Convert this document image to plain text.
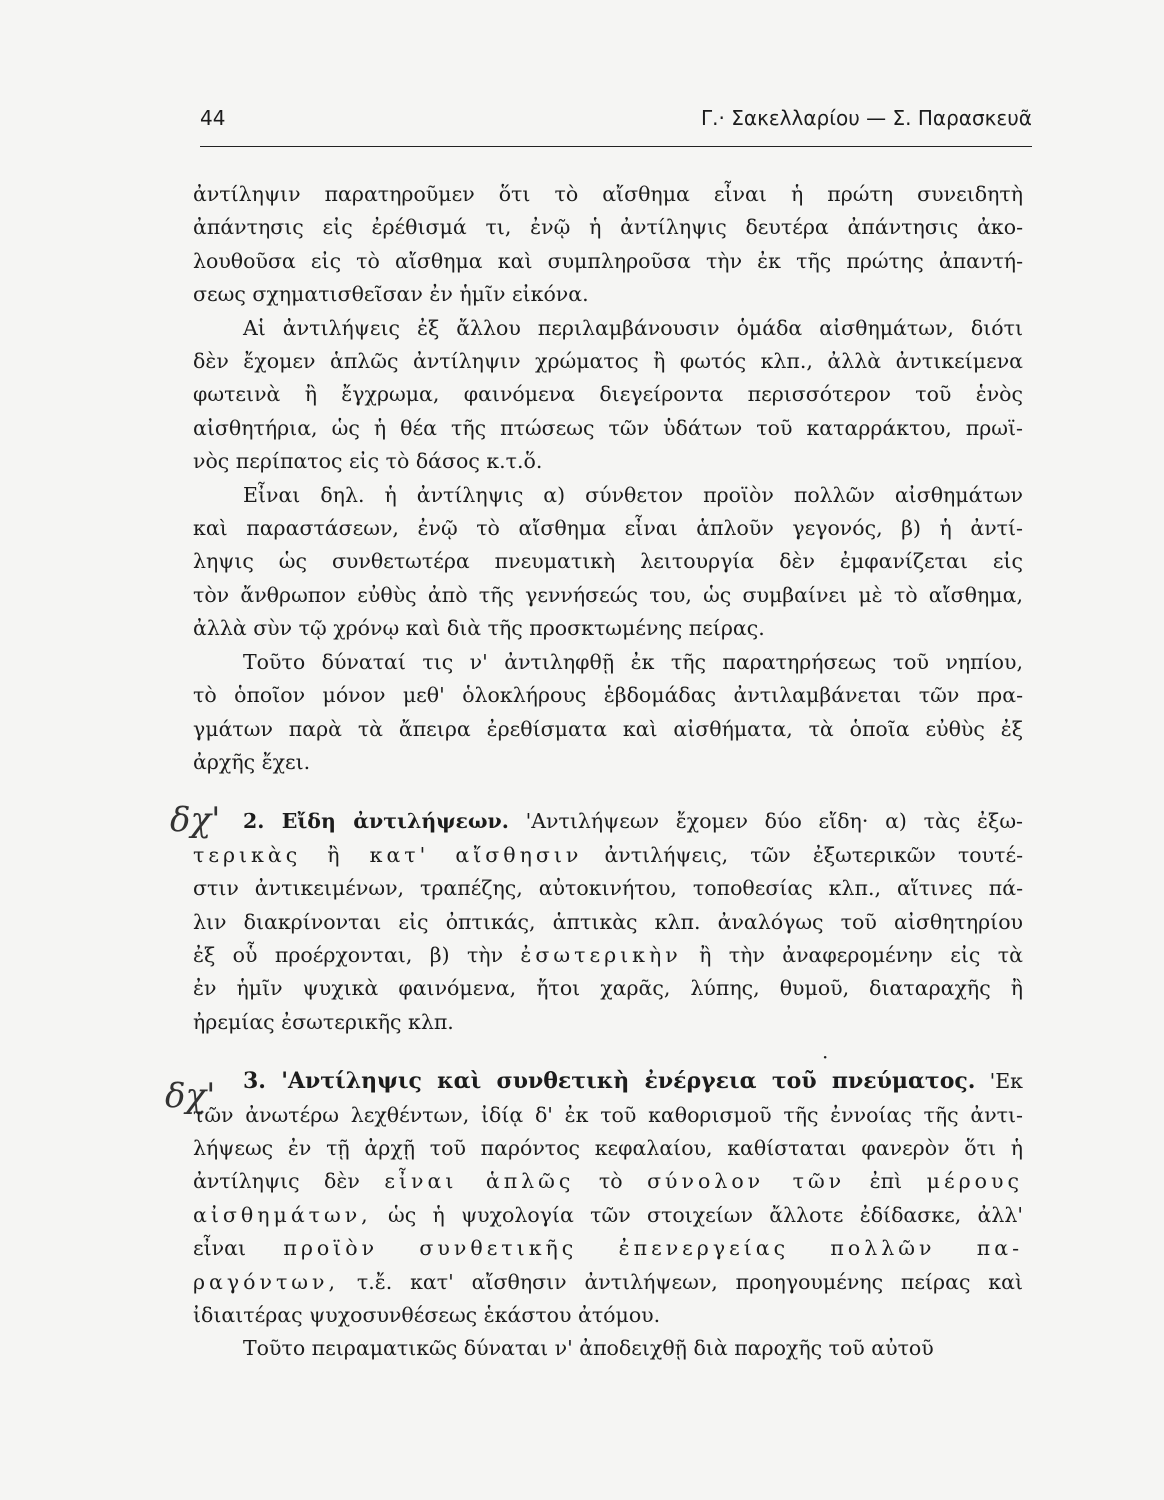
44	Γ.· Σακελλαρίου — Σ. Παρασκευᾶ
δχ'
δχ'
ἀντίληψιν παρατηροῦμεν ὅτι τὸ αἴσθημα εἶναι ἡ πρώτη συνειδητὴ
ἀπάντησις εἰς ἐρέθισμά τι, ἐνῷ ἡ ἀντίληψις δευτέρα ἀπάντησις ἀκο-
λουθοῦσα εἰς τὸ αἴσθημα καὶ συμπληροῦσα τὴν ἐκ τῆς πρώτης ἀπαντή-
σεως σχηματισθεῖσαν ἐν ἡμῖν εἰκόνα.
Αἱ ἀντιλήψεις ἐξ ἄλλου περιλαμβάνουσιν ὁμάδα αἰσθημάτων, διότι
δὲν ἔχομεν ἁπλῶς ἀντίληψιν χρώματος ἢ φωτός κλπ., ἀλλὰ ἀντικείμενα
φωτεινὰ ἢ ἔγχρωμα, φαινόμενα διεγείροντα περισσότερον τοῦ ἑνὸς
αἰσθητήρια, ὡς ἡ θέα τῆς πτώσεως τῶν ὑδάτων τοῦ καταρράκτου, πρωϊ-
νὸς περίπατος εἰς τὸ δάσος κ.τ.ὅ.
Εἶναι δηλ. ἡ ἀντίληψις α) σύνθετον προϊὸν πολλῶν αἰσθημάτων
καὶ παραστάσεων, ἐνῷ τὸ αἴσθημα εἶναι ἁπλοῦν γεγονός, β) ἡ ἀντί-
ληψις ὡς συνθετωτέρα πνευματικὴ λειτουργία δὲν ἐμφανίζεται εἰς
τὸν ἄνθρωπον εὐθὺς ἀπὸ τῆς γεννήσεώς του, ὡς συμβαίνει μὲ τὸ αἴσθημα,
ἀλλὰ σὺν τῷ χρόνῳ καὶ διὰ τῆς προσκτωμένης πείρας.
Τοῦτο δύναταί τις ν' ἀντιληφθῇ ἐκ τῆς παρατηρήσεως τοῦ νηπίου,
τὸ ὁποῖον μόνον μεθ' ὁλοκλήρους ἑβδομάδας ἀντιλαμβάνεται τῶν πρα-
γμάτων παρὰ τὰ ἄπειρα ἐρεθίσματα καὶ αἰσθήματα, τὰ ὁποῖα εὐθὺς ἐξ
ἀρχῆς ἔχει.
2. Εἴδη ἀντιλήψεων. 'Αντιλήψεων ἔχομεν δύο εἴδη· α) τὰς ἐξω-
τερικὰς ἢ κατ' αἴσθησιν ἀντιλήψεις, τῶν ἐξωτερικῶν τουτέ-
στιν ἀντικειμένων, τραπέζης, αὐτοκινήτου, τοποθεσίας κλπ., αἵτινες πά-
λιν διακρίνονται εἰς ὀπτικάς, ἁπτικὰς κλπ. ἀναλόγως τοῦ αἰσθητηρίου
ἐξ οὗ προέρχονται, β) τὴν ἐσωτερικὴν ἢ τὴν ἀναφερομένην εἰς τὰ
ἐν ἡμῖν ψυχικὰ φαινόμενα, ἤτοι χαρᾶς, λύπης, θυμοῦ, διαταραχῆς ἢ
ἠρεμίας ἐσωτερικῆς κλπ.
3. 'Αντίληψις καὶ συνθετικὴ ἐνέργεια τοῦ πνεύματος. 'Εκ
τῶν ἀνωτέρω λεχθέντων, ἰδίᾳ δ' ἐκ τοῦ καθορισμοῦ τῆς ἐννοίας τῆς ἀντι-
λήψεως ἐν τῇ ἀρχῇ τοῦ παρόντος κεφαλαίου, καθίσταται φανερὸν ὅτι ἡ
ἀντίληψις δὲν εἶναι ἁπλῶς τὸ σύνολον τῶν ἐπὶ μέρους
αἰσθημάτων, ὡς ἡ ψυχολογία τῶν στοιχείων ἄλλοτε ἐδίδασκε, ἀλλ'
εἶναι προϊὸν συνθετικῆς ἐπενεργείας πολλῶν πα-
ραγόντων, τ.ἔ. κατ' αἴσθησιν ἀντιλήψεων, προηγουμένης πείρας καὶ
ἰδιαιτέρας ψυχοσυνθέσεως ἑκάστου ἀτόμου.
Τοῦτο πειραματικῶς δύναται ν' ἀποδειχθῇ διὰ παροχῆς τοῦ αὐτοῦ
·
